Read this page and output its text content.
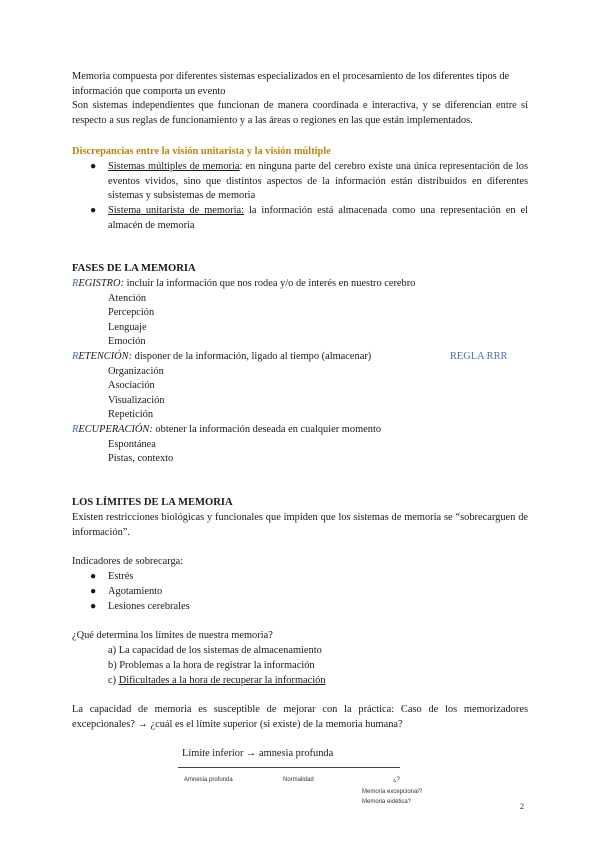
Memoria compuesta por diferentes sistemas especializados en el procesamiento de los diferentes tipos de información que comporta un evento

Son sistemas independientes que funcionan de manera coordinada e interactiva, y se diferencian entre sí respecto a sus reglas de funcionamiento y a las áreas o regiones en las que están implementados.

Discrepancias entre la visión unitarista y la visión múltiple

● Sistemas múltiples de memoria: en ninguna parte del cerebro existe una única representación de los eventos vividos, sino que distintos aspectos de la información están distribuidos en diferentes sistemas y subsistemas de memoria
● Sistema unitarista de memoria: la información está almacenada como una representación en el almacén de memoria
FASES DE LA MEMORIA
REGISTRO: incluir la información que nos rodea y/o de interés en nuestro cerebro
Atención
Percepción
Lenguaje
Emoción
RETENCIÓN: disponer de la información, ligado al tiempo (almacenar)	REGLA RRR
Organización
Asociación
Visualización
Repetición
RECUPERACIÓN: obtener la información deseada en cualquier momento
Espontánea
Pistas, contexto
LOS LÍMITES DE LA MEMORIA

Existen restricciones biológicas y funcionales que impiden que los sistemas de memoria se “sobrecarguen de información”.

Indicadores de sobrecarga:
● Estrés
● Agotamiento
● Lesiones cerebrales
¿Qué determina los límites de nuestra memoria?
a) La capacidad de los sistemas de almacenamiento
b) Problemas a la hora de registrar la información
c) Dificultades a la hora de recuperar la información

La capacidad de memoria es susceptible de mejorar con la práctica: Caso de los memorizadores excepcionales? → ¿cuál es el límite superior (si existe) de la memoria humana?

Límite inferior → amnesia profunda
Amnesia profunda	Normalidad	¿?
Memoria excepcional?
Memoria eidética?	2
